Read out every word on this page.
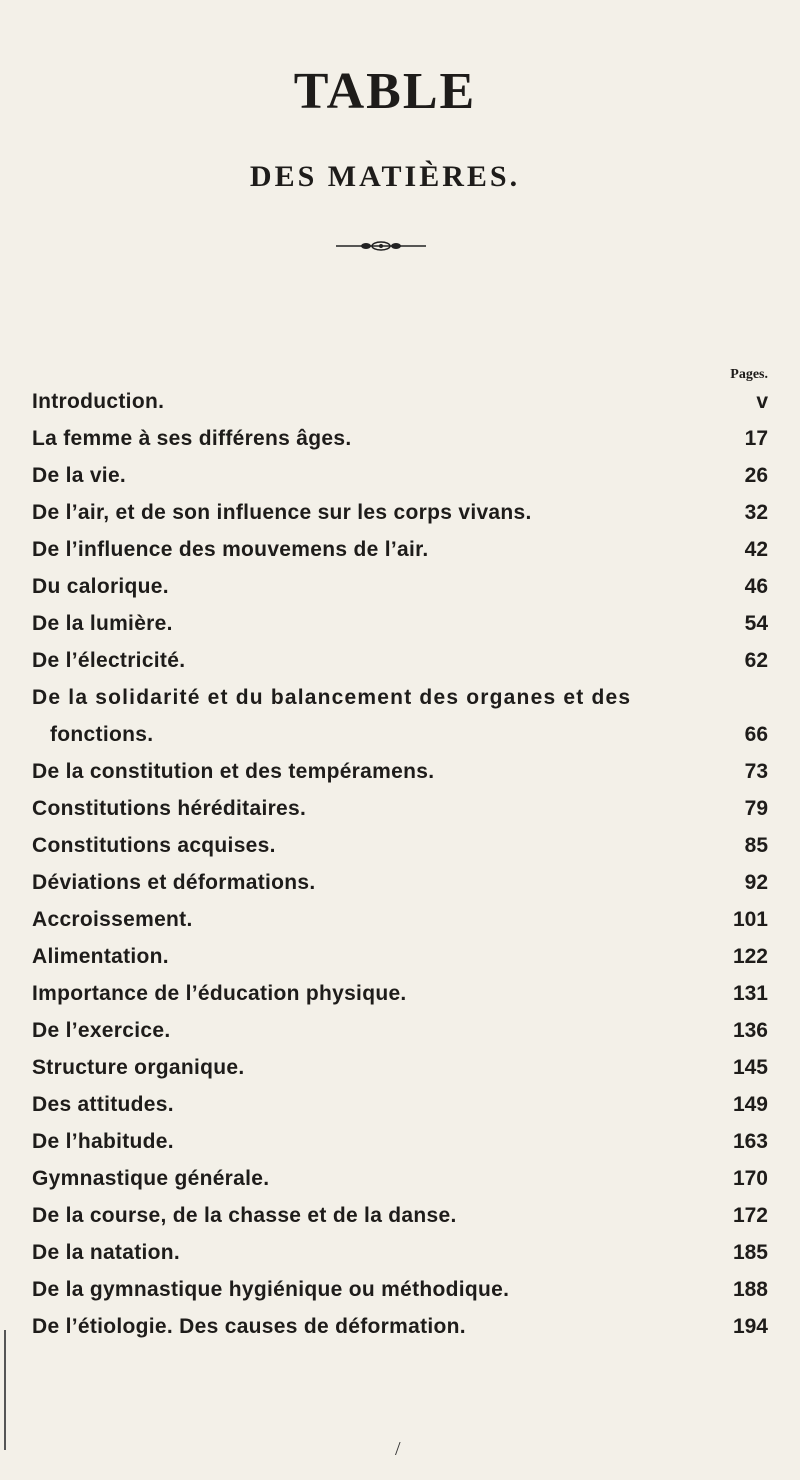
TABLE
DES MATIÈRES.
Pages.
Introduction.	v
La femme à ses différens âges.	17
De la vie.	26
De l’air, et de son influence sur les corps vivans.	32
De l’influence des mouvemens de l’air.	42
Du calorique.	46
De la lumière.	54
De l’électricité.	62
De la solidarité et du balancement des organes et des
fonctions.	66
De la constitution et des tempéramens.	73
Constitutions héréditaires.	79
Constitutions acquises.	85
Déviations et déformations.	92
Accroissement.	101
Alimentation.	122
Importance de l’éducation physique.	131
De l’exercice.	136
Structure organique.	145
Des attitudes.	149
De l’habitude.	163
Gymnastique générale.	170
De la course, de la chasse et de la danse.	172
De la natation.	185
De la gymnastique hygiénique ou méthodique.	188
De l’étiologie. Des causes de déformation.	194
/
